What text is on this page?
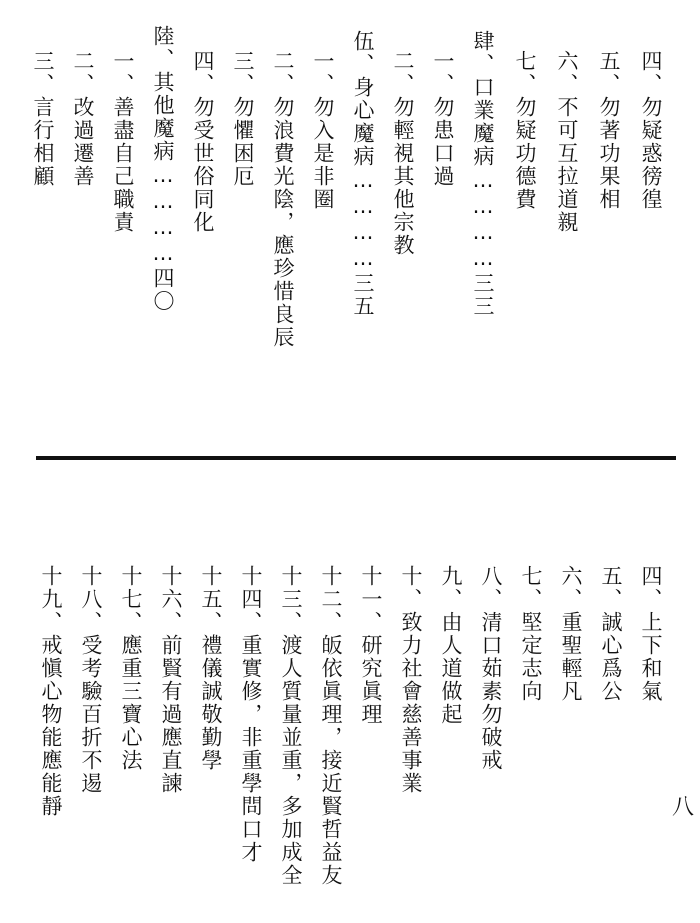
四、勿疑惑徬徨
五、勿著功果相
六、不可互拉道親
七、勿疑功德費
肆、口業魔病…………三三
一、勿患口過
二、勿輕視其他宗教
伍、身心魔病…………三五
一、勿入是非圈
二、勿浪費光陰，應珍惜良辰
三、勿懼困厄
四、勿受世俗同化
陸、其他魔病…………四〇
一、善盡自己職責
二、改過遷善
三、言行相顧
四、上下和氣
五、誠心爲公
六、重聖輕凡
七、堅定志向
八、清口茹素勿破戒
九、由人道做起
十、致力社會慈善事業
十一、研究眞理
十二、皈依眞理，接近賢哲益友
十三、渡人質量並重，多加成全
十四、重實修，非重學問口才
十五、禮儀誠敬勤學
十六、前賢有過應直諫
十七、應重三寶心法
十八、受考驗百折不逷
十九、戒愼心物能應能靜	八
